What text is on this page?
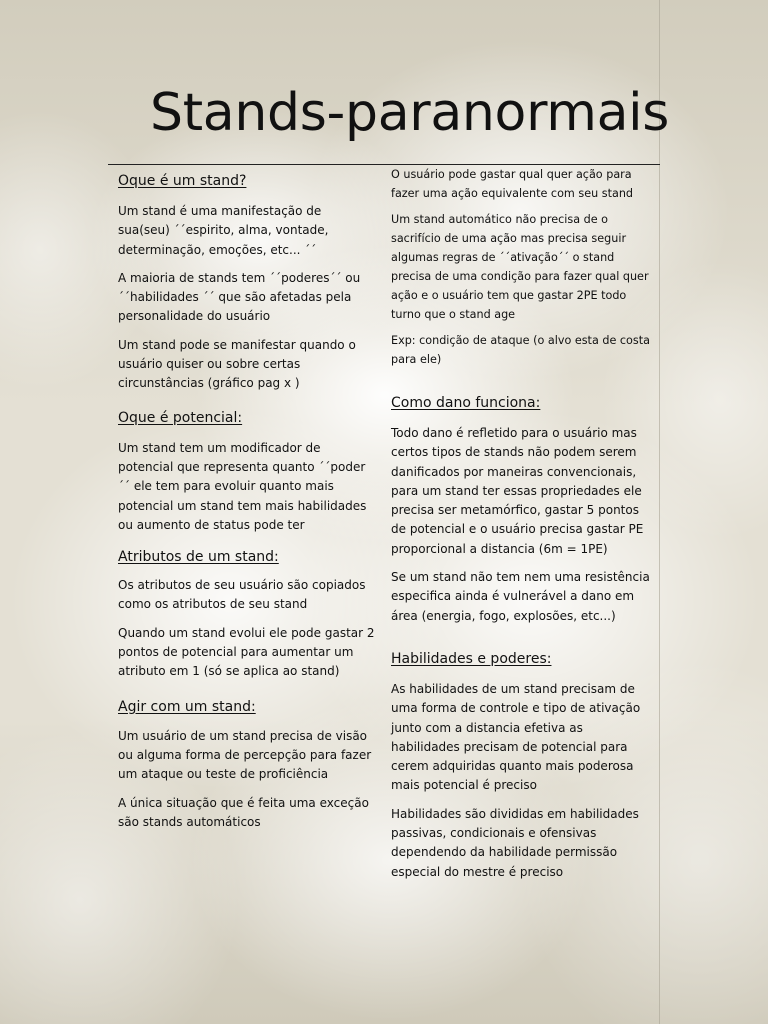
Stands-paranormais
Oque é um stand?

Um stand é uma manifestação de sua(seu) ´´espirito, alma, vontade, determinação, emoções, etc... ´´

A maioria de stands tem ´´poderes´´ ou ´´habilidades ´´ que são afetadas pela personalidade do usuário

Um stand pode se manifestar quando o usuário quiser ou sobre certas circunstâncias (gráfico pag x )

Oque é potencial:

Um stand tem um modificador de potencial que representa quanto ´´poder´´ ele tem para evoluir quanto mais potencial um stand tem mais habilidades ou aumento de status pode ter

Atributos de um stand:

Os atributos de seu usuário são copiados como os atributos de seu stand

Quando um stand evolui ele pode gastar 2 pontos de potencial para aumentar um atributo em 1 (só se aplica ao stand)

Agir com um stand:

Um usuário de um stand precisa de visão ou alguma forma de percepção para fazer um ataque ou teste de proficiência

A única situação que é feita uma exceção são stands automáticos

O usuário pode gastar qual quer ação para fazer uma ação equivalente com seu stand

Um stand automático não precisa de o sacrifício de uma ação mas precisa seguir algumas regras de ´´ativação´´ o stand precisa de uma condição para fazer qual quer ação e o usuário tem que gastar 2PE todo turno que o stand age

Exp: condição de ataque (o alvo esta de costa para ele)

Como dano funciona:

Todo dano é refletido para o usuário mas certos tipos de stands não podem serem danificados por maneiras convencionais, para um stand ter essas propriedades ele precisa ser metamórfico, gastar 5 pontos de potencial e o usuário precisa gastar PE proporcional a distancia (6m = 1PE)

Se um stand não tem nem uma resistência especifica ainda é vulnerável a dano em área (energia, fogo, explosões, etc...)

Habilidades e poderes:

As habilidades de um stand precisam de uma forma de controle e tipo de ativação junto com a distancia efetiva as habilidades precisam de potencial para cerem adquiridas quanto mais poderosa mais potencial é preciso

Habilidades são divididas em habilidades passivas, condicionais e ofensivas dependendo da habilidade permissão especial do mestre é preciso
